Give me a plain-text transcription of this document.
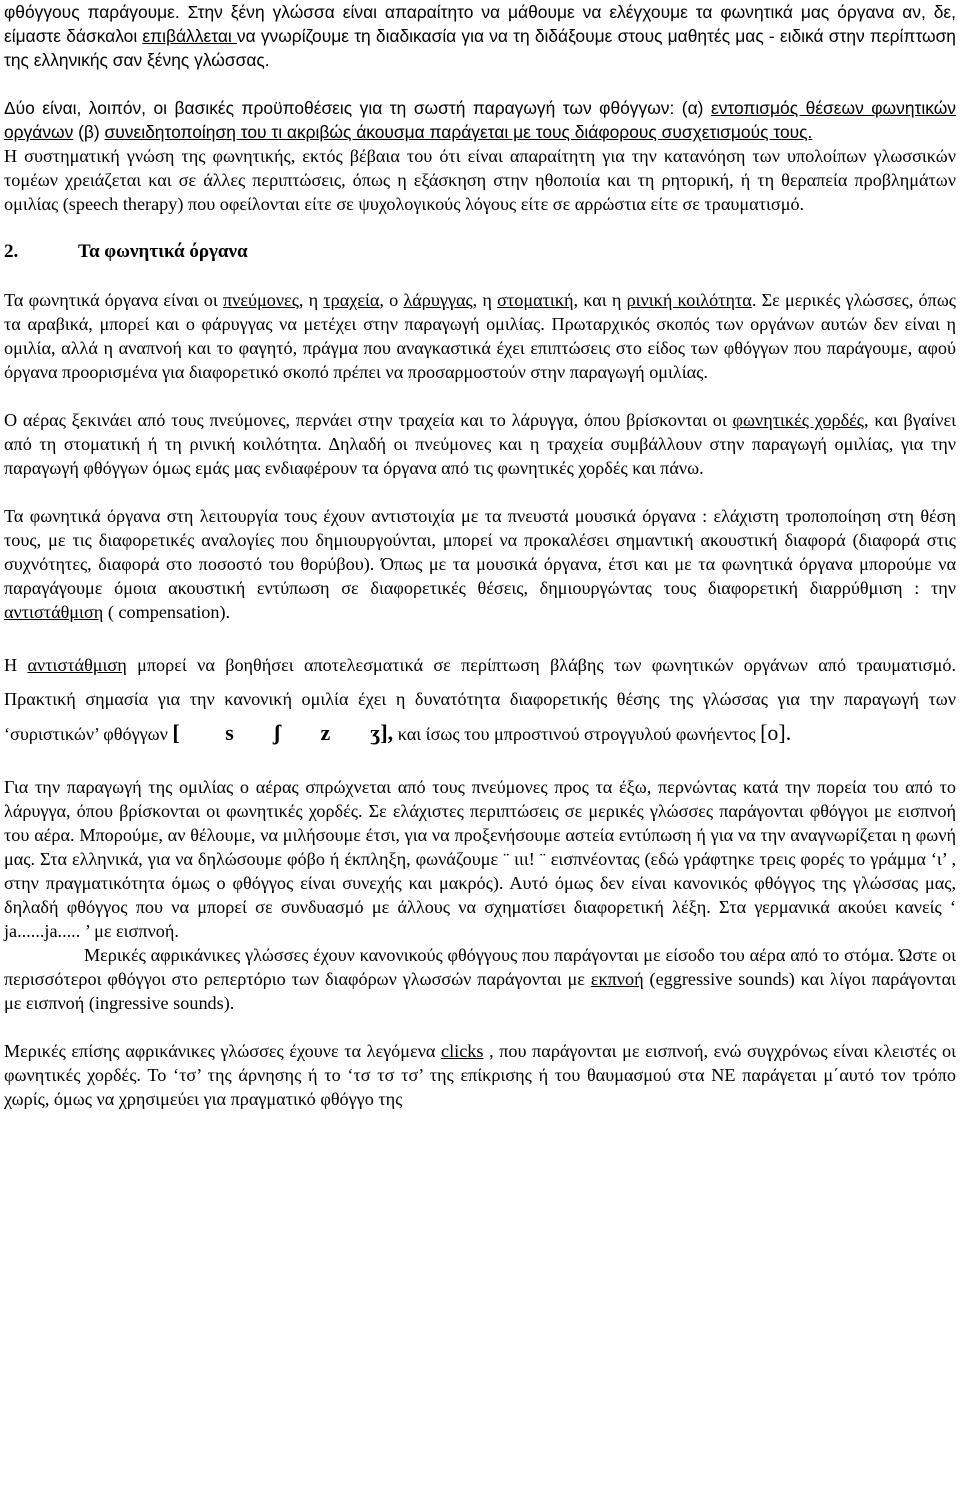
φθόγγους παράγουμε. Στην ξένη γλώσσα είναι απαραίτητο να μάθουμε να ελέγχουμε τα φωνητικά μας όργανα αν, δε, είμαστε δάσκαλοι επιβάλλεται να γνωρίζουμε τη διαδικασία για να τη διδάξουμε στους μαθητές μας - ειδικά στην περίπτωση της ελληνικής σαν ξένης γλώσσας.

Δύο είναι, λοιπόν, οι βασικές προϋποθέσεις για τη σωστή παραγωγή των φθόγγων: (α) εντοπισμός θέσεων φωνητικών οργάνων (β) συνειδητοποίηση του τι ακριβώς άκουσμα παράγεται με τους διάφορους συσχετισμούς τους.

Η συστηματική γνώση της φωνητικής, εκτός βέβαια του ότι είναι απαραίτητη για την κατανόηση των υπολοίπων γλωσσικών τομέων χρειάζεται και σε άλλες περιπτώσεις, όπως η εξάσκηση στην ηθοποιία και τη ρητορική, ή τη θεραπεία προβλημάτων ομιλίας (speech therapy) που οφείλονται είτε σε ψυχολογικούς λόγους είτε σε αρρώστια είτε σε τραυματισμό.

2.	Τα φωνητικά όργανα

Τα φωνητικά όργανα είναι οι πνεύμονες, η τραχεία, ο λάρυγγας, η στοματική, και η ρινική κοιλότητα. Σε μερικές γλώσσες, όπως τα αραβικά, μπορεί και ο φάρυγγας να μετέχει στην παραγωγή ομιλίας. Πρωταρχικός σκοπός των οργάνων αυτών δεν είναι η ομιλία, αλλά η αναπνοή και το φαγητό, πράγμα που αναγκαστικά έχει επιπτώσεις στο είδος των φθόγγων που παράγουμε, αφού όργανα προορισμένα για διαφορετικό σκοπό πρέπει να προσαρμοστούν στην παραγωγή ομιλίας.

Ο αέρας ξεκινάει από τους πνεύμονες, περνάει στην τραχεία και το λάρυγγα, όπου βρίσκονται οι φωνητικές χορδές, και βγαίνει από τη στοματική ή τη ρινική κοιλότητα. Δηλαδή οι πνεύμονες και η τραχεία συμβάλλουν στην παραγωγή ομιλίας, για την παραγωγή φθόγγων όμως εμάς μας ενδιαφέρουν τα όργανα από τις φωνητικές χορδές και πάνω.

Τα φωνητικά όργανα στη λειτουργία τους έχουν αντιστοιχία με τα πνευστά μουσικά όργανα : ελάχιστη τροποποίηση στη θέση τους, με τις διαφορετικές αναλογίες που δημιουργούνται, μπορεί να προκαλέσει σημαντική ακουστική διαφορά (διαφορά στις συχνότητες, διαφορά στο ποσοστό του θορύβου). Όπως με τα μουσικά όργανα, έτσι και με τα φωνητικά όργανα μπορούμε να παραγάγουμε όμοια ακουστική εντύπωση σε διαφορετικές θέσεις, δημιουργώντας τους διαφορετική διαρρύθμιση : την αντιστάθμιση ( compensation).

Η αντιστάθμιση μπορεί να βοηθήσει αποτελεσματικά σε περίπτωση βλάβης των φωνητικών οργάνων από τραυματισμό. Πρακτική σημασία για την κανονική ομιλία έχει η δυνατότητα διαφορετικής θέσης της γλώσσας για την παραγωγή των ‘συριστικών’ φθόγγων [ s ʃ z ʒ], και ίσως του μπροστινού στρογγυλού φωνήεντος [o].

Για την παραγωγή της ομιλίας ο αέρας σπρώχνεται από τους πνεύμονες προς τα έξω, περνώντας κατά την πορεία του από το λάρυγγα, όπου βρίσκονται οι φωνητικές χορδές. Σε ελάχιστες περιπτώσεις σε μερικές γλώσσες παράγονται φθόγγοι με εισπνοή του αέρα. Μπορούμε, αν θέλουμε, να μιλήσουμε έτσι, για να προξενήσουμε αστεία εντύπωση ή για να την αναγνωρίζεται η φωνή μας. Στα ελληνικά, για να δηλώσουμε φόβο ή έκπληξη, φωνάζουμε ¨ ιιι! ¨ εισπνέοντας (εδώ γράφτηκε τρεις φορές το γράμμα ‘ι’ , στην πραγματικότητα όμως ο φθόγγος είναι συνεχής και μακρός). Αυτό όμως δεν είναι κανονικός φθόγγος της γλώσσας μας, δηλαδή φθόγγος που να μπορεί σε συνδυασμό με άλλους να σχηματίσει διαφορετική λέξη. Στα γερμανικά ακούει κανείς ‘ ja......ja..... ’ με εισπνοή.

Μερικές αφρικάνικες γλώσσες έχουν κανονικούς φθόγγους που παράγονται με είσοδο του αέρα από το στόμα. Ώστε οι περισσότεροι φθόγγοι στο ρεπερτόριο των διαφόρων γλωσσών παράγονται με εκπνοή (eggressive sounds) και λίγοι παράγονται με εισπνοή (ingressive sounds).

Μερικές επίσης αφρικάνικες γλώσσες έχουνε τα λεγόμενα clicks , που παράγονται με εισπνοή, ενώ συγχρόνως είναι κλειστές οι φωνητικές χορδές. Το ‘τσ’ της άρνησης ή το ‘τσ τσ τσ’ της επίκρισης ή του θαυμασμού στα ΝΕ παράγεται μ΄αυτό τον τρόπο χωρίς, όμως να χρησιμεύει για πραγματικό φθόγγο της
